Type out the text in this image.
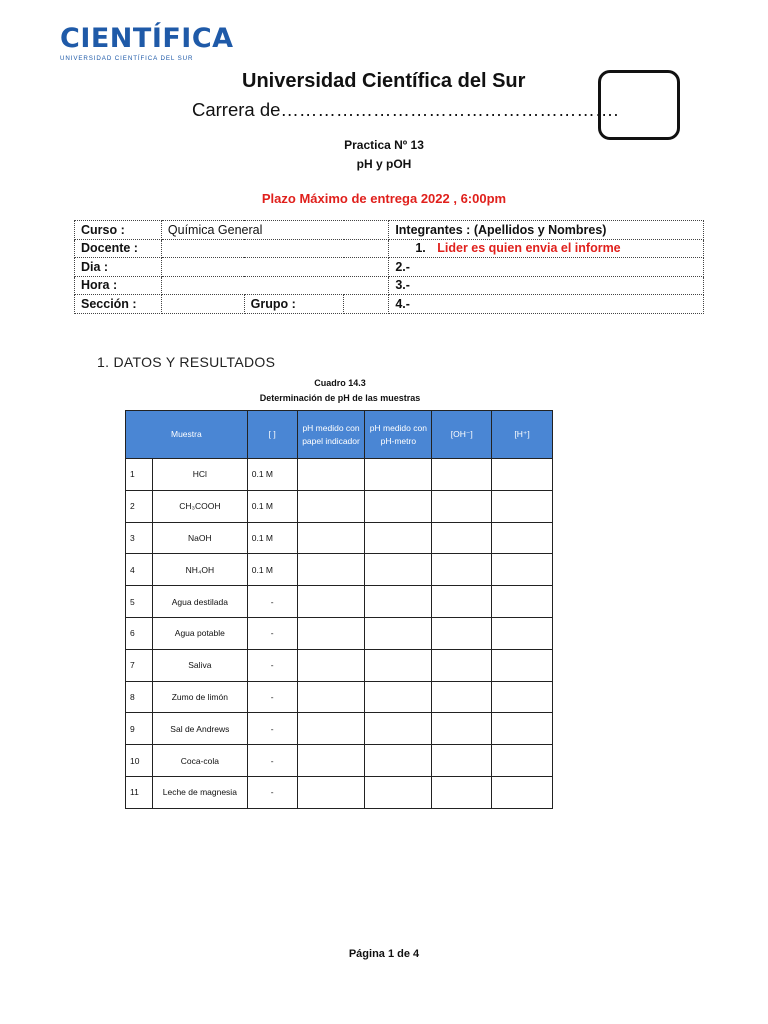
CIENTÍFICA
UNIVERSIDAD CIENTÍFICA DEL SUR
Universidad Científica del Sur
Carrera de……………………………………………….
Practica Nº 13
pH y pOH
Plazo Máximo de entrega 2022 , 6:00pm
Curso :	Química General			Integrantes : (Apellidos y Nombres)
Docente :				1. Lider es quien envia el informe
Dia :				2.-
Hora :				3.-
Sección :		Grupo :		4.-
1. DATOS Y RESULTADOS
Cuadro 14.3
Determinación de pH de las muestras
Muestra		[ ]	pH medido con papel indicador	pH medido con pH-metro	[OH⁻]	[H⁺]
1	HCl	0.1 M				
2	CH₃COOH	0.1 M				
3	NaOH	0.1 M				
4	NH₄OH	0.1 M				
5	Agua destilada	-				
6	Agua potable	-				
7	Saliva	-				
8	Zumo de limón	-				
9	Sal de Andrews	-				
10	Coca-cola	-				
11	Leche de magnesia	-				
Página 1 de 4
